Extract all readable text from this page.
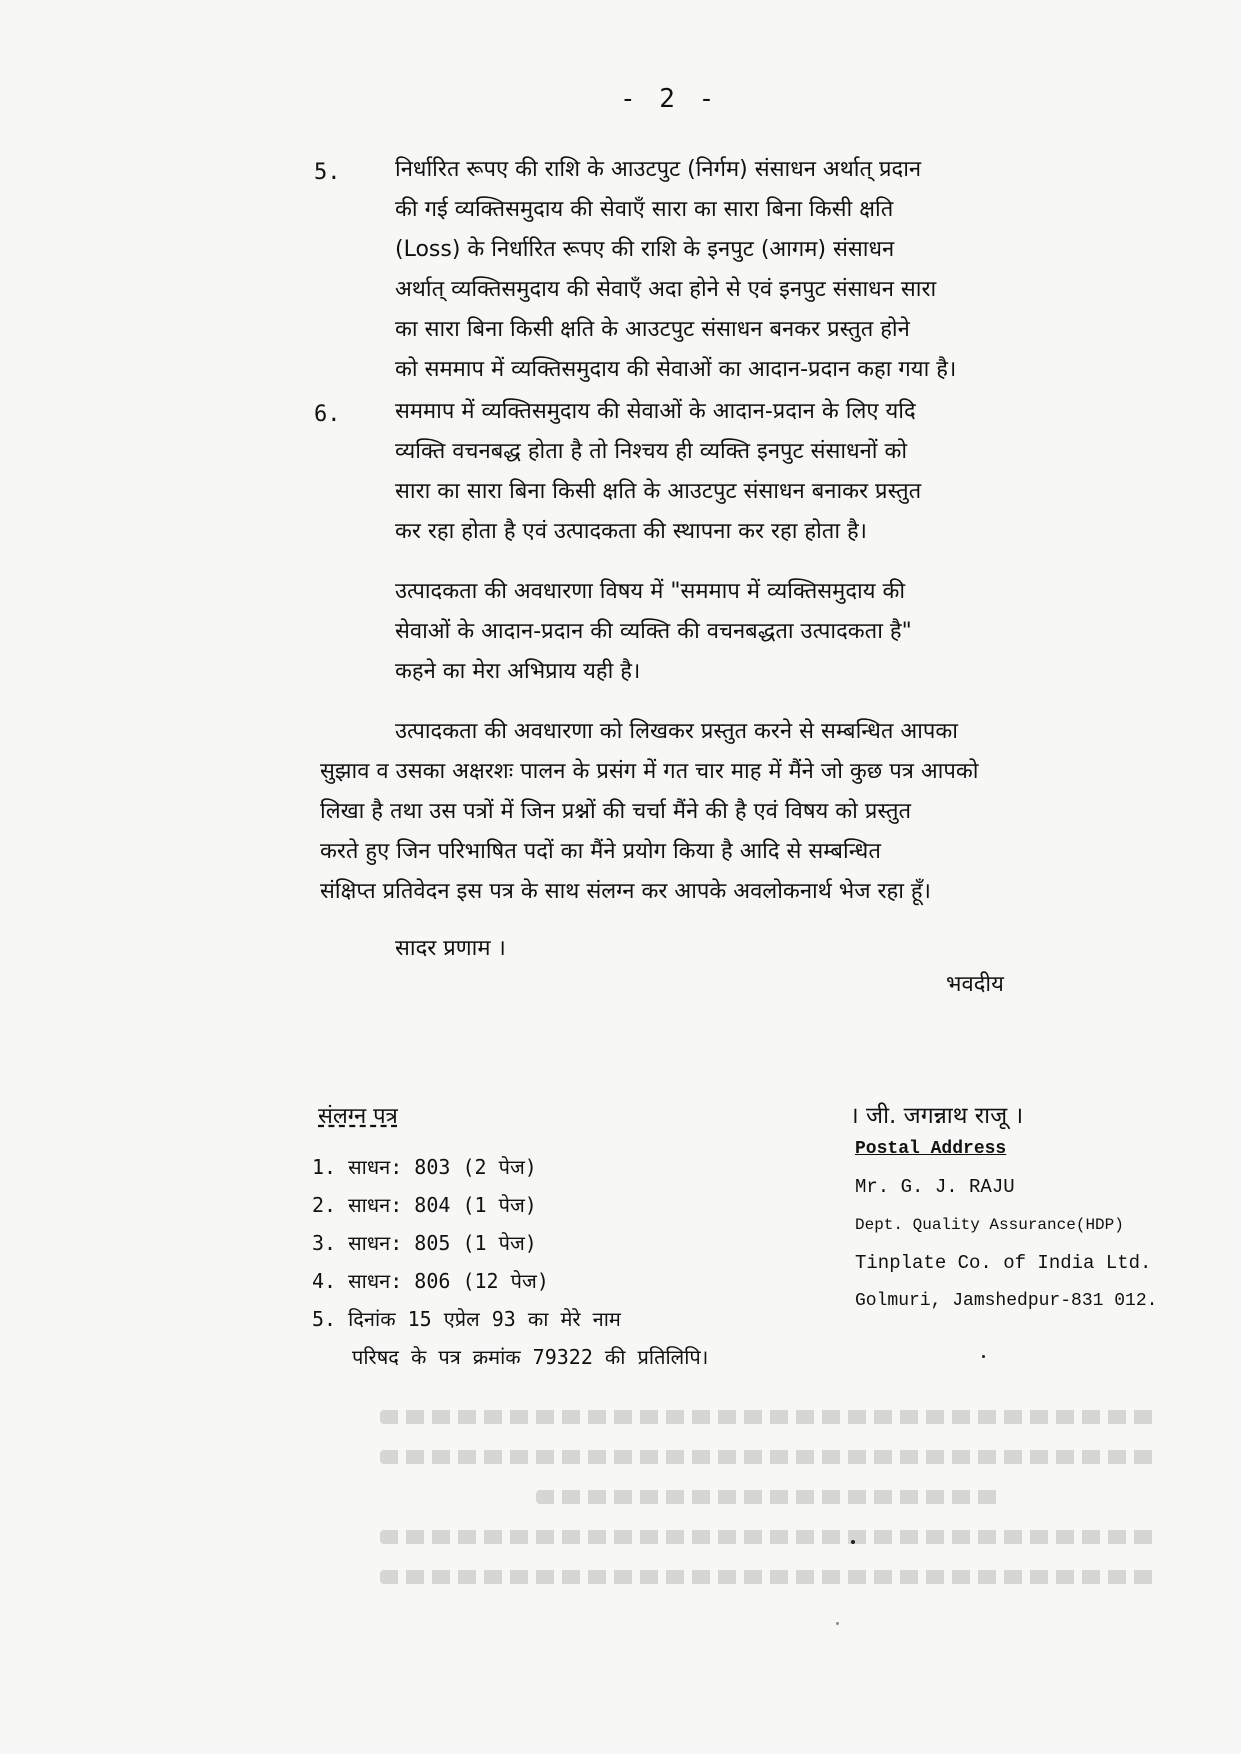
- 2 -
5. निर्धारित रूपए की राशि के आउटपुट (निर्गम) संसाधन अर्थात् प्रदान
की गई व्यक्तिसमुदाय की सेवाएँ सारा का सारा बिना किसी क्षति
(Loss) के निर्धारित रूपए की राशि के इनपुट (आगम) संसाधन
अर्थात् व्यक्तिसमुदाय की सेवाएँ अदा होने से एवं इनपुट संसाधन सारा
का सारा बिना किसी क्षति के आउटपुट संसाधन बनकर प्रस्तुत होने
को सममाप में व्यक्तिसमुदाय की सेवाओं का आदान-प्रदान कहा गया है।
6. सममाप में व्यक्तिसमुदाय की सेवाओं के आदान-प्रदान के लिए यदि
व्यक्ति वचनबद्ध होता है तो निश्चय ही व्यक्ति इनपुट संसाधनों को
सारा का सारा बिना किसी क्षति के आउटपुट संसाधन बनाकर प्रस्तुत
कर रहा होता है एवं उत्पादकता की स्थापना कर रहा होता है।
उत्पादकता की अवधारणा विषय में "सममाप में व्यक्तिसमुदाय की
सेवाओं के आदान-प्रदान की व्यक्ति की वचनबद्धता उत्पादकता है"
कहने का मेरा अभिप्राय यही है।
उत्पादकता की अवधारणा को लिखकर प्रस्तुत करने से सम्बन्धित आपका
सुझाव व उसका अक्षरशः पालन के प्रसंग में गत चार माह में मैंने जो कुछ पत्र आपको
लिखा है तथा उस पत्रों में जिन प्रश्नों की चर्चा मैंने की है एवं विषय को प्रस्तुत
करते हुए जिन परिभाषित पदों का मैंने प्रयोग किया है आदि से सम्बन्धित
संक्षिप्त प्रतिवेदन इस पत्र के साथ संलग्न कर आपके अवलोकनार्थ भेज रहा हूँ।
सादर प्रणाम ।
भवदीय
संलग्न पत्र
1. साधन: 803 (2 पेज)
2. साधन: 804 (1 पेज)
3. साधन: 805 (1 पेज)
4. साधन: 806 (12 पेज)
5. दिनांक 15 एप्रेल 93 का मेरे नाम
परिषद के पत्र क्रमांक 79322 की प्रतिलिपि।
। जी. जगन्नाथ राजू ।
Postal Address
Mr. G. J. RAJU
Dept. Quality Assurance(HDP)
Tinplate Co. of India Ltd.
Golmuri, Jamshedpur-831 012.
